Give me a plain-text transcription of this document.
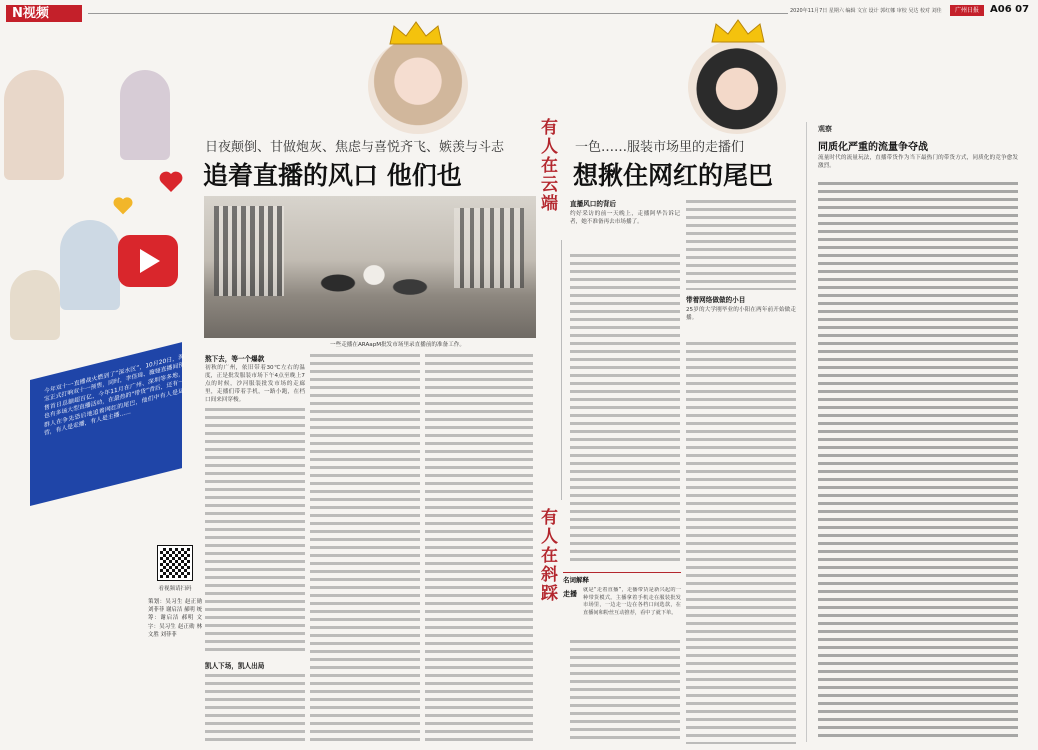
N视频	2020年11月7日 星期六 编辑 文宣 设计 郭红娜 审校 吴达 校对 刘佳	广州日报	A06 07
今年双十一直播战火燃到了“深水区”，10月20日，淘宝正式打响双十一预售，同时，李佳琦、薇娅直播间预售首日总额超百亿，今年11月在广州、深圳等多地，也有多场大型直播活动，在最热的“带货”背后，还有一群人在争先恐后地追着网红的尾巴，他们中有人是运营，有人是走播，有人是主播……
看视频请扫码
策划：吴习生 赵正勋 刘菲菲 谢启洁 郝明 统筹：谢启洁 郝明 文字：吴习生 赵正勋 林文胜 刘菲菲
日夜颠倒、甘做炮灰、焦虑与喜悦齐飞、嫉羡与斗志	一色……服装市场里的走播们
追着直播的风口 他们也	想揪住网红的尾巴
有人在云端
有人在斜踩
一些走播在ARAapM批发市场里录直播前的准备工作。
熬下去，等一个爆款
初秋的广州，依旧带着30℃左右的温度，正是批发服装市场下午4点至晚上7点的时候，沙河服装批发市场的走廊里，走播们带着手机，一路小跑，在档口间来回穿梭。
凯人下场，凯人出局
直播风口的背后
约好采访的前一天晚上，走播阿华告诉记者，她不准备再去市场播了。
带着网络做做的小目
25岁的大学刚毕业的小阳在两年前开始做走播。
名词解释
走播 就是“走着直播”，走播带货是新兴起的一种带货模式。主播拿着手机走在服装批发市场里，一边走一边在各档口间选款，在直播间和粉丝互动推荐，看中了就下单。
观察
同质化严重的流量争夺战
流量时代的流量玩法，直播带货作为当下最热门的带货方式，同质化的竞争愈发激烈。
